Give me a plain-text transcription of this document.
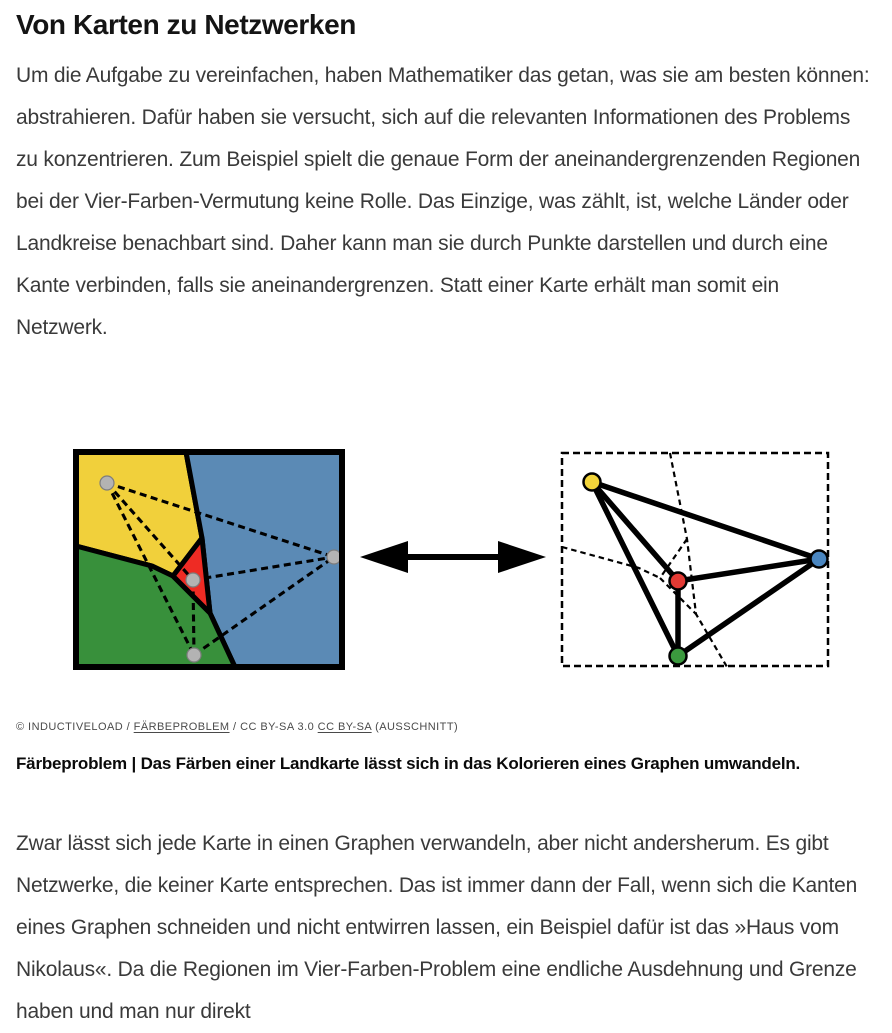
Von Karten zu Netzwerken

Um die Aufgabe zu vereinfachen, haben Mathematiker das getan, was sie am besten können: abstrahieren. Dafür haben sie versucht, sich auf die relevanten Informationen des Problems zu konzentrieren. Zum Beispiel spielt die genaue Form der aneinandergrenzenden Regionen bei der Vier-Farben-Vermutung keine Rolle. Das Einzige, was zählt, ist, welche Länder oder Landkreise benachbart sind. Daher kann man sie durch Punkte darstellen und durch eine Kante verbinden, falls sie aneinandergrenzen. Statt einer Karte erhält man somit ein Netzwerk.

© INDUCTIVELOAD / FÄRBEPROBLEM / CC BY-SA 3.0 CC BY-SA (AUSSCHNITT)

Färbeproblem | Das Färben einer Landkarte lässt sich in das Kolorieren eines Graphen umwandeln.

Zwar lässt sich jede Karte in einen Graphen verwandeln, aber nicht andersherum. Es gibt Netzwerke, die keiner Karte entsprechen. Das ist immer dann der Fall, wenn sich die Kanten eines Graphen schneiden und nicht entwirren lassen, ein Beispiel dafür ist das »Haus vom Nikolaus«. Da die Regionen im Vier-Farben-Problem eine endliche Ausdehnung und Grenze haben und man nur direkt
